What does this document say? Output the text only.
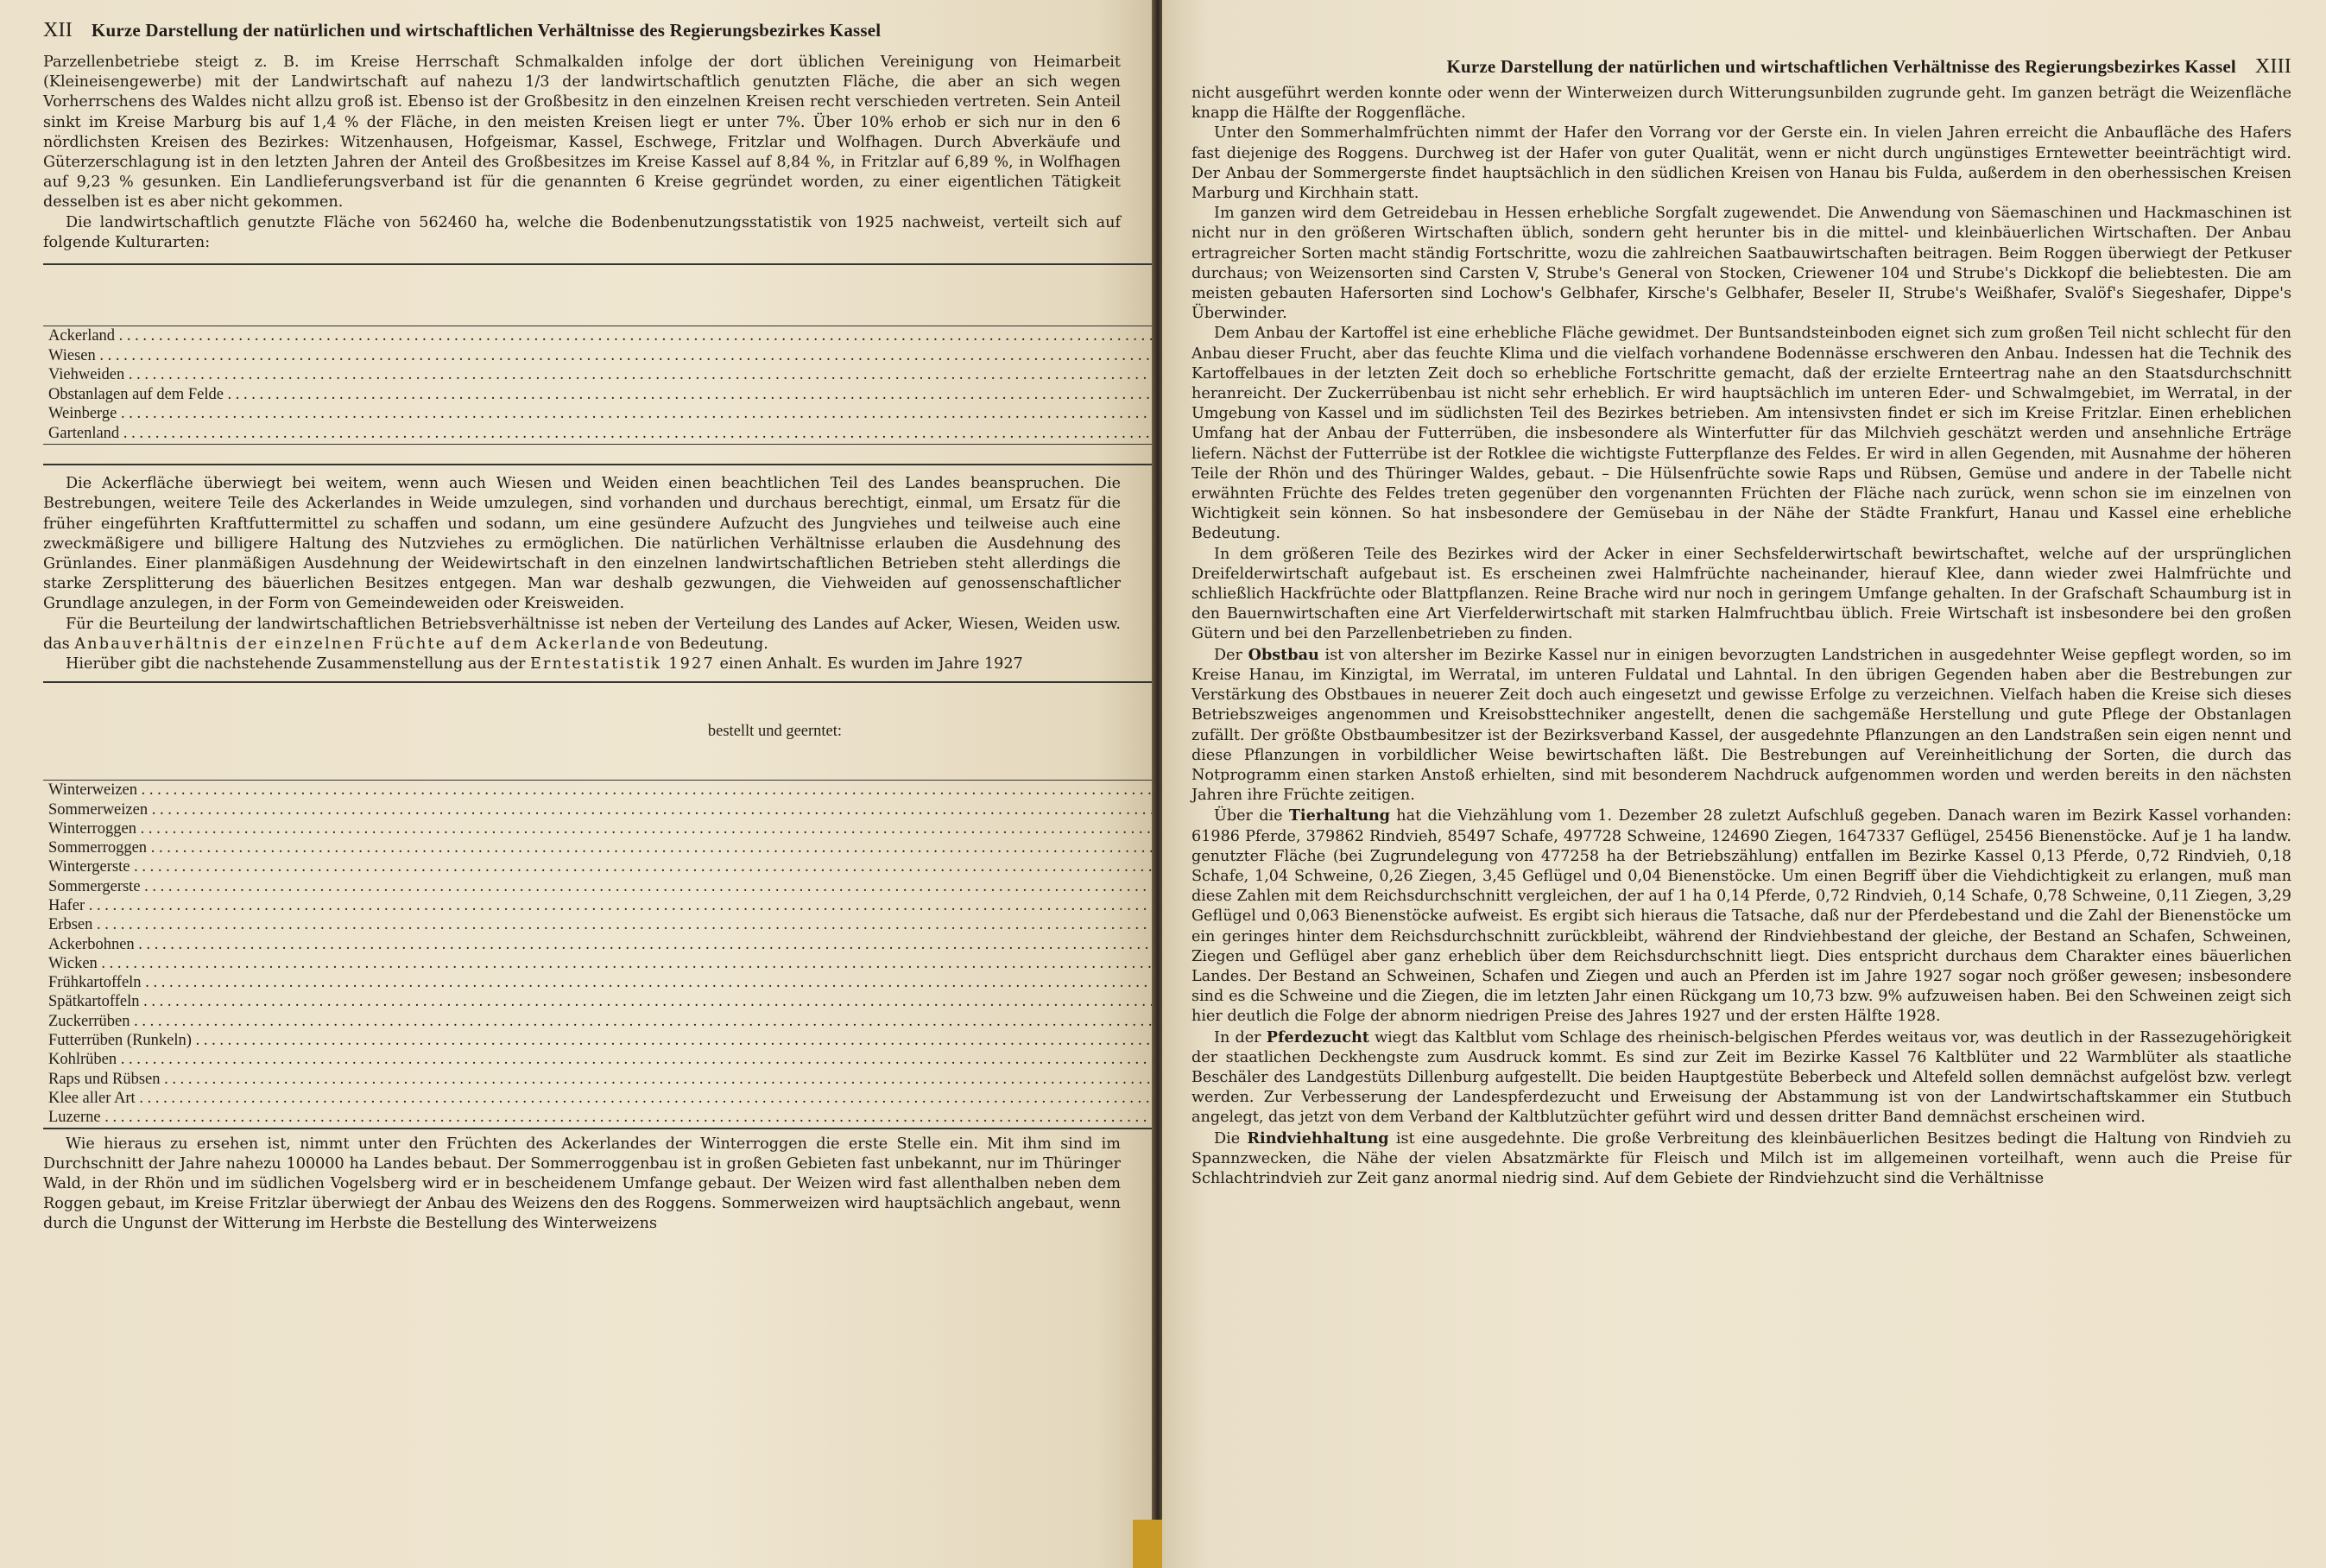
XII Kurze Darstellung der natürlichen und wirtschaftlichen Verhältnisse des Regierungsbezirkes Kassel

Parzellenbetriebe steigt z. B. im Kreise Herrschaft Schmalkalden infolge der dort üblichen Vereinigung von Heimarbeit (Kleineisengewerbe) mit der Landwirtschaft auf nahezu 1/3 der landwirtschaftlich genutzten Fläche, die aber an sich wegen Vorherrschens des Waldes nicht allzu groß ist. Ebenso ist der Großbesitz in den einzelnen Kreisen recht verschieden vertreten. Sein Anteil sinkt im Kreise Marburg bis auf 1,4 % der Fläche, in den meisten Kreisen liegt er unter 7%. Über 10% erhob er sich nur in den 6 nördlichsten Kreisen des Bezirkes: Witzenhausen, Hofgeismar, Kassel, Eschwege, Fritzlar und Wolfhagen. Durch Abverkäufe und Güterzerschlagung ist in den letzten Jahren der Anteil des Großbesitzes im Kreise Kassel auf 8,84 %, in Fritzlar auf 6,89 %, in Wolfhagen auf 9,23 % gesunken. Ein Landlieferungsverband ist für die genannten 6 Kreise gegründet worden, zu einer eigentlichen Tätigkeit desselben ist es aber nicht gekommen.

Die landwirtschaftlich genutzte Fläche von 562460 ha, welche die Bodenbenutzungsstatistik von 1925 nachweist, verteilt sich auf folgende Kulturarten:

Ackerland . . .		
Wiesen . . .		
Viehweiden . . .		
Obstanlagen auf dem Felde . . .		
Weinberge . . .		
Gartenland . . .		

Die Ackerfläche überwiegt bei weitem, wenn auch Wiesen und Weiden einen beachtlichen Teil des Landes beanspruchen. Die Bestrebungen, weitere Teile des Ackerlandes in Weide umzulegen, sind vorhanden und durchaus berechtigt, einmal, um Ersatz für die früher eingeführten Kraftfuttermittel zu schaffen und sodann, um eine gesündere Aufzucht des Jungviehes und teilweise auch eine zweckmäßigere und billigere Haltung des Nutzviehes zu ermöglichen. Die natürlichen Verhältnisse erlauben die Ausdehnung des Grünlandes. Einer planmäßigen Ausdehnung der Weidewirtschaft in den einzelnen landwirtschaftlichen Betrieben steht allerdings die starke Zersplitterung des bäuerlichen Besitzes entgegen. Man war deshalb gezwungen, die Viehweiden auf genossenschaftlicher Grundlage anzulegen, in der Form von Gemeindeweiden oder Kreisweiden.

Für die Beurteilung der landwirtschaftlichen Betriebsverhältnisse ist neben der Verteilung des Landes auf Acker, Wiesen, Weiden usw. das Anbauverhältnis der einzelnen Früchte auf dem Ackerlande von Bedeutung.

Hierüber gibt die nachstehende Zusammenstellung aus der Erntestatistik 1927 einen Anhalt. Es wurden im Jahre 1927

bestellt und geerntet:		

Winterweizen . . .			
Sommerweizen . . .			
Winterroggen . . .			
Sommerroggen . . .			
Wintergerste . . .			
Sommergerste . . .			
Hafer . . .			
Erbsen . . .			
Ackerbohnen . . .			
Wicken . . .			
Frühkartoffeln . . .			
Spätkartoffeln . . .			
Zuckerrüben . . .			
Futterrüben (Runkeln) . . .			
Kohlrüben . . .			
Raps und Rübsen . . .			
Klee aller Art . . .			
Luzerne . . .			

Wie hieraus zu ersehen ist, nimmt unter den Früchten des Ackerlandes der Winterroggen die erste Stelle ein. Mit ihm sind im Durchschnitt der Jahre nahezu 100000 ha Landes bebaut. Der Sommerroggenbau ist in großen Gebieten fast unbekannt, nur im Thüringer Wald, in der Rhön und im südlichen Vogelsberg wird er in bescheidenem Umfange gebaut. Der Weizen wird fast allenthalben neben dem Roggen gebaut, im Kreise Fritzlar überwiegt der Anbau des Weizens den des Roggens. Sommerweizen wird hauptsächlich angebaut, wenn durch die Ungunst der Witterung im Herbste die Bestellung des Winterweizens

Kurze Darstellung der natürlichen und wirtschaftlichen Verhältnisse des Regierungsbezirkes Kassel XIII

nicht ausgeführt werden konnte oder wenn der Winterweizen durch Witterungsunbilden zugrunde geht. Im ganzen beträgt die Weizenfläche knapp die Hälfte der Roggenfläche.

Unter den Sommerhalmfrüchten nimmt der Hafer den Vorrang vor der Gerste ein. In vielen Jahren erreicht die Anbaufläche des Hafers fast diejenige des Roggens. Durchweg ist der Hafer von guter Qualität, wenn er nicht durch ungünstiges Erntewetter beeinträchtigt wird. Der Anbau der Sommergerste findet hauptsächlich in den südlichen Kreisen von Hanau bis Fulda, außerdem in den oberhessischen Kreisen Marburg und Kirchhain statt.

Im ganzen wird dem Getreidebau in Hessen erhebliche Sorgfalt zugewendet. Die Anwendung von Säemaschinen und Hackmaschinen ist nicht nur in den größeren Wirtschaften üblich, sondern geht herunter bis in die mittel- und kleinbäuerlichen Wirtschaften. Der Anbau ertragreicher Sorten macht ständig Fortschritte, wozu die zahlreichen Saatbauwirtschaften beitragen. Beim Roggen überwiegt der Petkuser durchaus; von Weizensorten sind Carsten V, Strube's General von Stocken, Criewener 104 und Strube's Dickkopf die beliebtesten. Die am meisten gebauten Hafersorten sind Lochow's Gelbhafer, Kirsche's Gelbhafer, Beseler II, Strube's Weißhafer, Svalöf's Siegeshafer, Dippe's Überwinder.

Dem Anbau der Kartoffel ist eine erhebliche Fläche gewidmet. Der Buntsandsteinboden eignet sich zum großen Teil nicht schlecht für den Anbau dieser Frucht, aber das feuchte Klima und die vielfach vorhandene Bodennässe erschweren den Anbau. Indessen hat die Technik des Kartoffelbaues in der letzten Zeit doch so erhebliche Fortschritte gemacht, daß der erzielte Ernteertrag nahe an den Staatsdurchschnitt heranreicht. Der Zuckerrübenbau ist nicht sehr erheblich. Er wird hauptsächlich im unteren Eder- und Schwalmgebiet, im Werratal, in der Umgebung von Kassel und im südlichsten Teil des Bezirkes betrieben. Am intensivsten findet er sich im Kreise Fritzlar. Einen erheblichen Umfang hat der Anbau der Futterrüben, die insbesondere als Winterfutter für das Milchvieh geschätzt werden und ansehnliche Erträge liefern. Nächst der Futterrübe ist der Rotklee die wichtigste Futterpflanze des Feldes. Er wird in allen Gegenden, mit Ausnahme der höheren Teile der Rhön und des Thüringer Waldes, gebaut. – Die Hülsenfrüchte sowie Raps und Rübsen, Gemüse und andere in der Tabelle nicht erwähnten Früchte des Feldes treten gegenüber den vorgenannten Früchten der Fläche nach zurück, wenn schon sie im einzelnen von Wichtigkeit sein können. So hat insbesondere der Gemüsebau in der Nähe der Städte Frankfurt, Hanau und Kassel eine erhebliche Bedeutung.

In dem größeren Teile des Bezirkes wird der Acker in einer Sechsfelderwirtschaft bewirtschaftet, welche auf der ursprünglichen Dreifelderwirtschaft aufgebaut ist. Es erscheinen zwei Halmfrüchte nacheinander, hierauf Klee, dann wieder zwei Halmfrüchte und schließlich Hackfrüchte oder Blattpflanzen. Reine Brache wird nur noch in geringem Umfange gehalten. In der Grafschaft Schaumburg ist in den Bauernwirtschaften eine Art Vierfelderwirtschaft mit starken Halmfruchtbau üblich. Freie Wirtschaft ist insbesondere bei den großen Gütern und bei den Parzellenbetrieben zu finden.

Der Obstbau ist von altersher im Bezirke Kassel nur in einigen bevorzugten Landstrichen in ausgedehnter Weise gepflegt worden, so im Kreise Hanau, im Kinzigtal, im Werratal, im unteren Fuldatal und Lahntal. In den übrigen Gegenden haben aber die Bestrebungen zur Verstärkung des Obstbaues in neuerer Zeit doch auch eingesetzt und gewisse Erfolge zu verzeichnen. Vielfach haben die Kreise sich dieses Betriebszweiges angenommen und Kreisobsttechniker angestellt, denen die sachgemäße Herstellung und gute Pflege der Obstanlagen zufällt. Der größte Obstbaumbesitzer ist der Bezirksverband Kassel, der ausgedehnte Pflanzungen an den Landstraßen sein eigen nennt und diese Pflanzungen in vorbildlicher Weise bewirtschaften läßt. Die Bestrebungen auf Vereinheitlichung der Sorten, die durch das Notprogramm einen starken Anstoß erhielten, sind mit besonderem Nachdruck aufgenommen worden und werden bereits in den nächsten Jahren ihre Früchte zeitigen.

Über die Tierhaltung hat die Viehzählung vom 1. Dezember 28 zuletzt Aufschluß gegeben. Danach waren im Bezirk Kassel vorhanden: 61986 Pferde, 379862 Rindvieh, 85497 Schafe, 497728 Schweine, 124690 Ziegen, 1647337 Geflügel, 25456 Bienenstöcke. Auf je 1 ha landw. genutzter Fläche (bei Zugrundelegung von 477258 ha der Betriebszählung) entfallen im Bezirke Kassel 0,13 Pferde, 0,72 Rindvieh, 0,18 Schafe, 1,04 Schweine, 0,26 Ziegen, 3,45 Geflügel und 0,04 Bienenstöcke. Um einen Begriff über die Viehdichtigkeit zu erlangen, muß man diese Zahlen mit dem Reichsdurchschnitt vergleichen, der auf 1 ha 0,14 Pferde, 0,72 Rindvieh, 0,14 Schafe, 0,78 Schweine, 0,11 Ziegen, 3,29 Geflügel und 0,063 Bienenstöcke aufweist. Es ergibt sich hieraus die Tatsache, daß nur der Pferdebestand und die Zahl der Bienenstöcke um ein geringes hinter dem Reichsdurchschnitt zurückbleibt, während der Rindviehbestand der gleiche, der Bestand an Schafen, Schweinen, Ziegen und Geflügel aber ganz erheblich über dem Reichsdurchschnitt liegt. Dies entspricht durchaus dem Charakter eines bäuerlichen Landes. Der Bestand an Schweinen, Schafen und Ziegen und auch an Pferden ist im Jahre 1927 sogar noch größer gewesen; insbesondere sind es die Schweine und die Ziegen, die im letzten Jahr einen Rückgang um 10,73 bzw. 9% aufzuweisen haben. Bei den Schweinen zeigt sich hier deutlich die Folge der abnorm niedrigen Preise des Jahres 1927 und der ersten Hälfte 1928.

In der Pferdezucht wiegt das Kaltblut vom Schlage des rheinisch-belgischen Pferdes weitaus vor, was deutlich in der Rassezugehörigkeit der staatlichen Deckhengste zum Ausdruck kommt. Es sind zur Zeit im Bezirke Kassel 76 Kaltblüter und 22 Warmblüter als staatliche Beschäler des Landgestüts Dillenburg aufgestellt. Die beiden Hauptgestüte Beberbeck und Altefeld sollen demnächst aufgelöst bzw. verlegt werden. Zur Verbesserung der Landespferdezucht und Erweisung der Abstammung ist von der Landwirtschaftskammer ein Stutbuch angelegt, das jetzt von dem Verband der Kaltblutzüchter geführt wird und dessen dritter Band demnächst erscheinen wird.

Die Rindviehhaltung ist eine ausgedehnte. Die große Verbreitung des kleinbäuerlichen Besitzes bedingt die Haltung von Rindvieh zu Spannzwecken, die Nähe der vielen Absatzmärkte für Fleisch und Milch ist im allgemeinen vorteilhaft, wenn auch die Preise für Schlachtrindvieh zur Zeit ganz anormal niedrig sind. Auf dem Gebiete der Rindviehzucht sind die Verhältnisse
